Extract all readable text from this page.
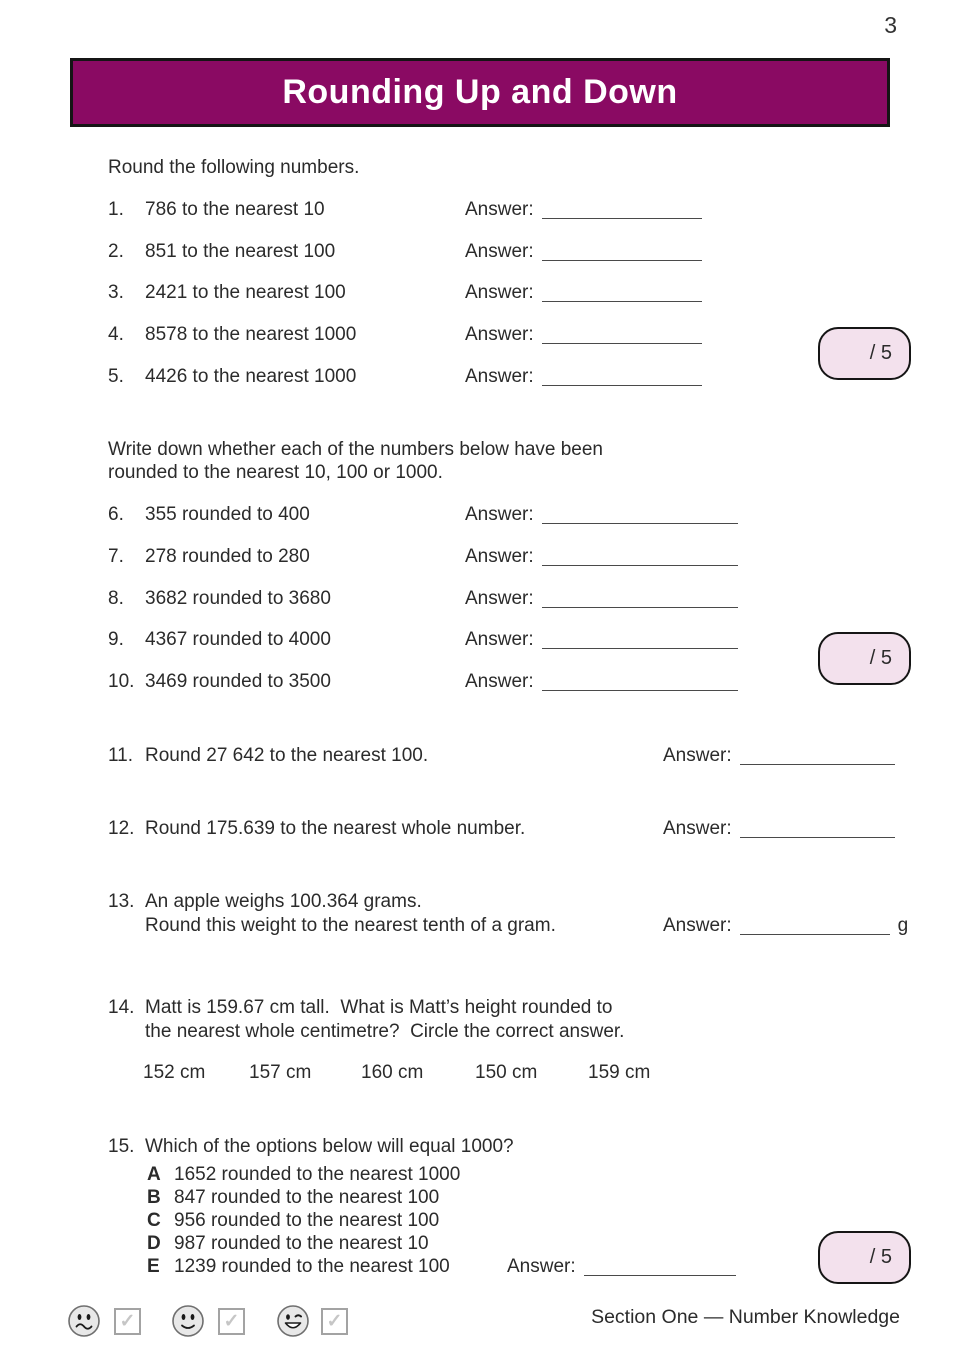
3
Rounding Up and Down
Round the following numbers.
1. 786 to the nearest 10	Answer:
2. 851 to the nearest 100	Answer:
3. 2421 to the nearest 100	Answer:
4. 8578 to the nearest 1000	Answer:
5. 4426 to the nearest 1000	Answer:
/ 5
Write down whether each of the numbers below have been
rounded to the nearest 10, 100 or 1000.
6. 355 rounded to 400	Answer:
7. 278 rounded to 280	Answer:
8. 3682 rounded to 3680	Answer:
9. 4367 rounded to 4000	Answer:
10. 3469 rounded to 3500	Answer:
/ 5
11. Round 27 642 to the nearest 100.	Answer:
12. Round 175.639 to the nearest whole number.	Answer:
13. An apple weighs 100.364 grams.
Round this weight to the nearest tenth of a gram.	Answer:	g
14. Matt is 159.67 cm tall.  What is Matt’s height rounded to
the nearest whole centimetre?  Circle the correct answer.
152 cm 157 cm	160 cm	150 cm	159 cm
15. Which of the options below will equal 1000?
A 1652 rounded to the nearest 1000
B 847 rounded to the nearest 100
C 956 rounded to the nearest 100
D 987 rounded to the nearest 10
E 1239 rounded to the nearest 100	Answer:	/ 5
✓	✓	✓	Section One — Number Knowledge
